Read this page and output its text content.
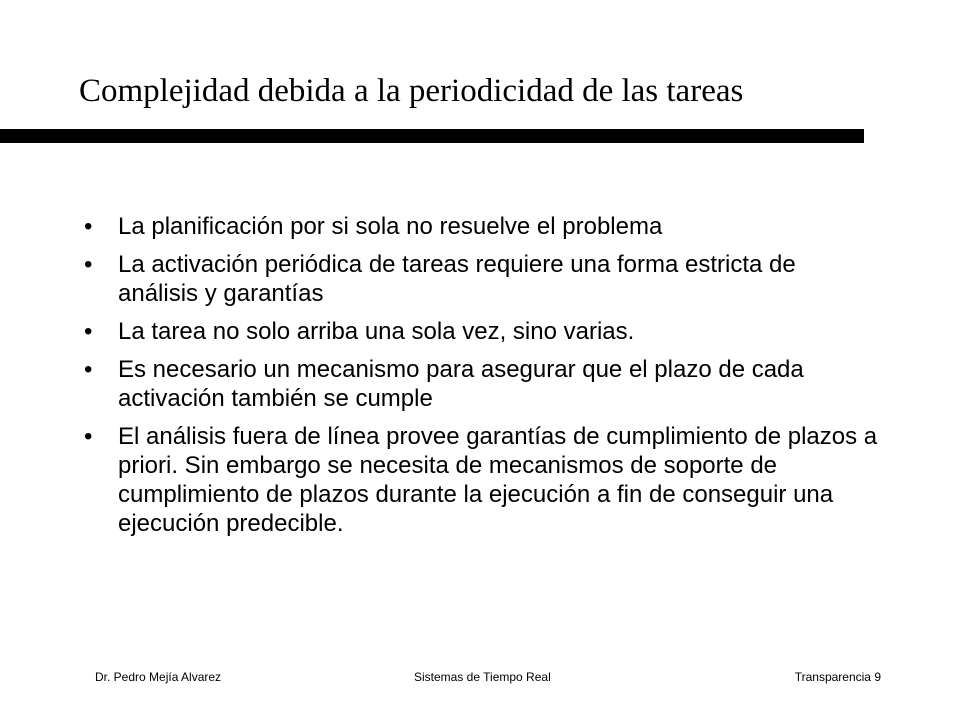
Complejidad debida a la periodicidad de las tareas
• La planificación por si sola no resuelve el problema
• La activación periódica de tareas requiere una forma estricta de análisis y garantías
• La tarea no solo arriba una sola vez, sino varias.
• Es necesario un mecanismo para asegurar que el plazo de cada activación también se cumple
• El análisis fuera de línea provee garantías de cumplimiento de plazos a priori. Sin embargo se necesita de mecanismos de soporte de cumplimiento de plazos durante la ejecución a fin de conseguir una ejecución predecible.
Dr. Pedro Mejía Alvarez	Sistemas de Tiempo Real	Transparencia 9
